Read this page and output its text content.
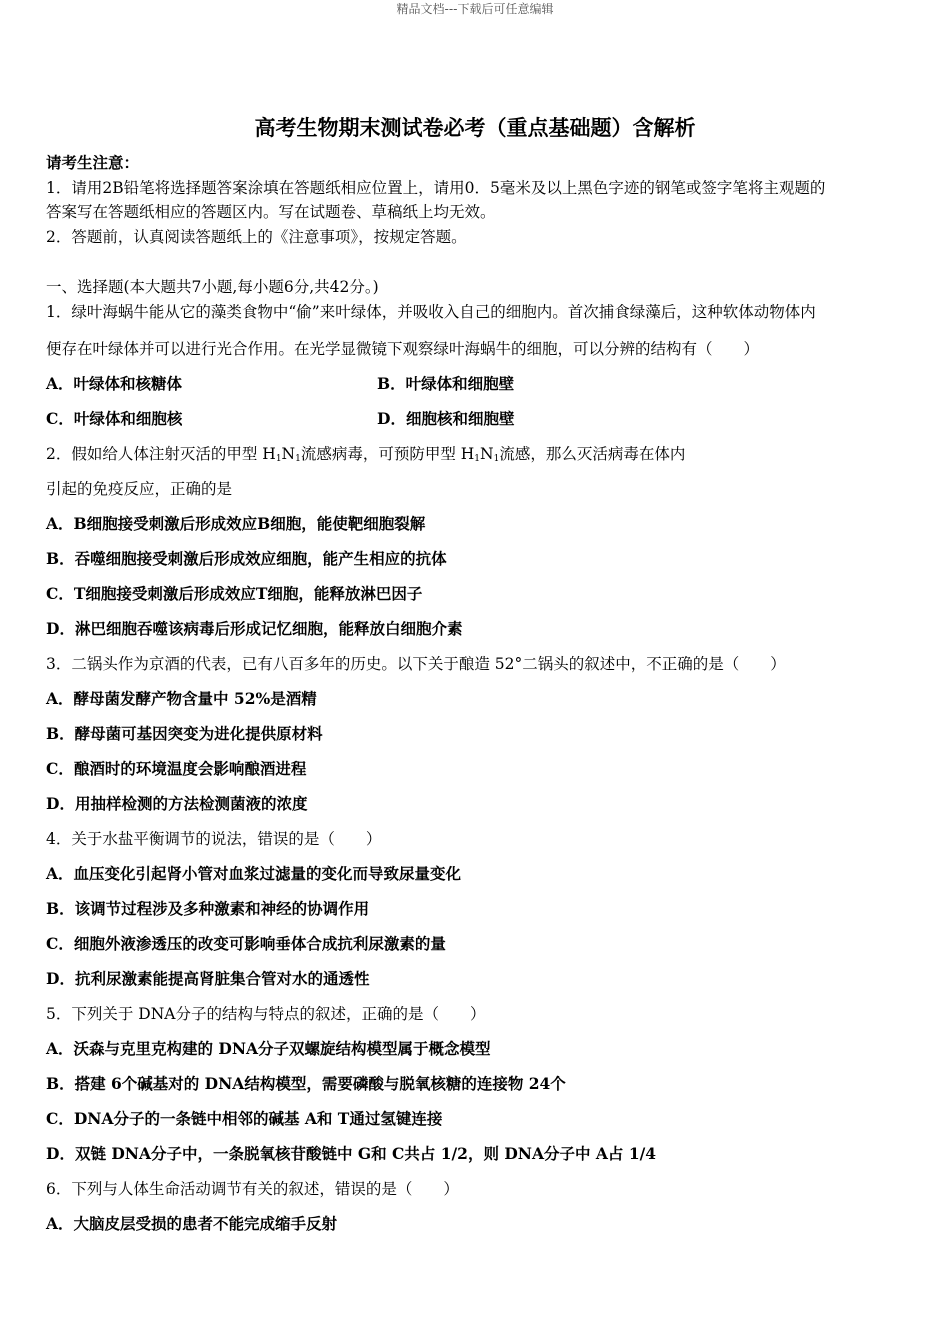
精品文档---下载后可任意编辑
高考生物期末测试卷必考（重点基础题）含解析
请考生注意：
1．请用2B铅笔将选择题答案涂填在答题纸相应位置上，请用0．5毫米及以上黑色字迹的钢笔或签字笔将主观题的
答案写在答题纸相应的答题区内。写在试题卷、草稿纸上均无效。
2．答题前，认真阅读答题纸上的《注意事项》，按规定答题。
一、选择题(本大题共7小题,每小题6分,共42分。)
1．绿叶海蜗牛能从它的藻类食物中“偷”来叶绿体，并吸收入自己的细胞内。首次捕食绿藻后，这种软体动物体内
便存在叶绿体并可以进行光合作用。在光学显微镜下观察绿叶海蜗牛的细胞，可以分辨的结构有（　　）
A．叶绿体和核糖体	B．叶绿体和细胞壁
C．叶绿体和细胞核	D．细胞核和细胞壁
2．假如给人体注射灭活的甲型 $H_1N_1$流感病毒，可预防甲型 $H_1N_1$流感，那么灭活病毒在体内
引起的免疫反应，正确的是
A．B细胞接受刺激后形成效应B细胞，能使靶细胞裂解
B．吞噬细胞接受刺激后形成效应细胞，能产生相应的抗体
C．T细胞接受刺激后形成效应T细胞，能释放淋巴因子
D．淋巴细胞吞噬该病毒后形成记忆细胞，能释放白细胞介素
3．二锅头作为京酒的代表，已有八百多年的历史。以下关于酿造 52°二锅头的叙述中，不正确的是（　　）
A．酵母菌发酵产物含量中 52%是酒精
B．酵母菌可基因突变为进化提供原材料
C．酿酒时的环境温度会影响酿酒进程
D．用抽样检测的方法检测菌液的浓度
4．关于水盐平衡调节的说法，错误的是（　　）
A．血压变化引起肾小管对血浆过滤量的变化而导致尿量变化
B．该调节过程涉及多种激素和神经的协调作用
C．细胞外液渗透压的改变可影响垂体合成抗利尿激素的量
D．抗利尿激素能提高肾脏集合管对水的通透性
5．下列关于 DNA分子的结构与特点的叙述，正确的是（　　）
A．沃森与克里克构建的 DNA分子双螺旋结构模型属于概念模型
B．搭建 6个碱基对的 DNA结构模型，需要磷酸与脱氧核糖的连接物 24个
C．DNA分子的一条链中相邻的碱基 A和 T通过氢键连接
D．双链 DNA分子中，一条脱氧核苷酸链中 G和 C共占 1/2，则 DNA分子中 A占 1/4
6．下列与人体生命活动调节有关的叙述，错误的是（　　）
A．大脑皮层受损的患者不能完成缩手反射
